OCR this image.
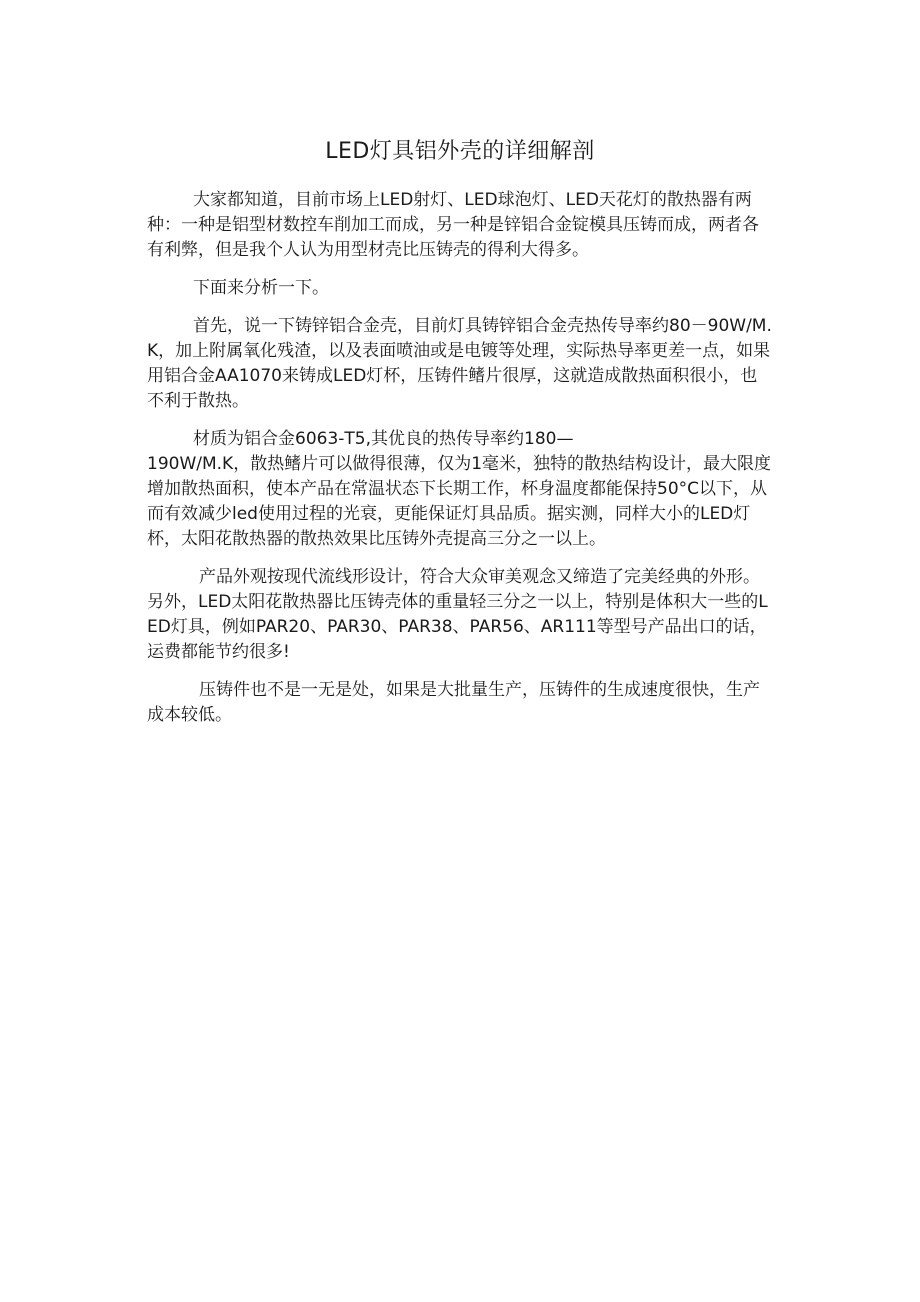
LED灯具铝外壳的详细解剖

大家都知道，目前市场上LED射灯、LED球泡灯、LED天花灯的散热器有两种：一种是铝型材数控车削加工而成，另一种是锌铝合金锭模具压铸而成，两者各有利弊，但是我个人认为用型材壳比压铸壳的得利大得多。

下面来分析一下。

首先，说一下铸锌铝合金壳，目前灯具铸锌铝合金壳热传导率约80－90W/M.K，加上附属氧化残渣，以及表面喷油或是电镀等处理，实际热导率更差一点，如果用铝合金AA1070来铸成LED灯杯，压铸件鳍片很厚，这就造成散热面积很小，也不利于散热。

材质为铝合金6063-T5,其优良的热传导率约180—
190W/M.K，散热鳍片可以做得很薄，仅为1毫米，独特的散热结构设计，最大限度增加散热面积，使本产品在常温状态下长期工作，杯身温度都能保持50°C以下，从而有效减少led使用过程的光衰，更能保证灯具品质。据实测，同样大小的LED灯杯，太阳花散热器的散热效果比压铸外壳提高三分之一以上。

产品外观按现代流线形设计，符合大众审美观念又缔造了完美经典的外形。另外，LED太阳花散热器比压铸壳体的重量轻三分之一以上，特别是体积大一些的LED灯具，例如PAR20、PAR30、PAR38、PAR56、AR111等型号产品出口的话，运费都能节约很多!

压铸件也不是一无是处，如果是大批量生产，压铸件的生成速度很快，生产成本较低。
